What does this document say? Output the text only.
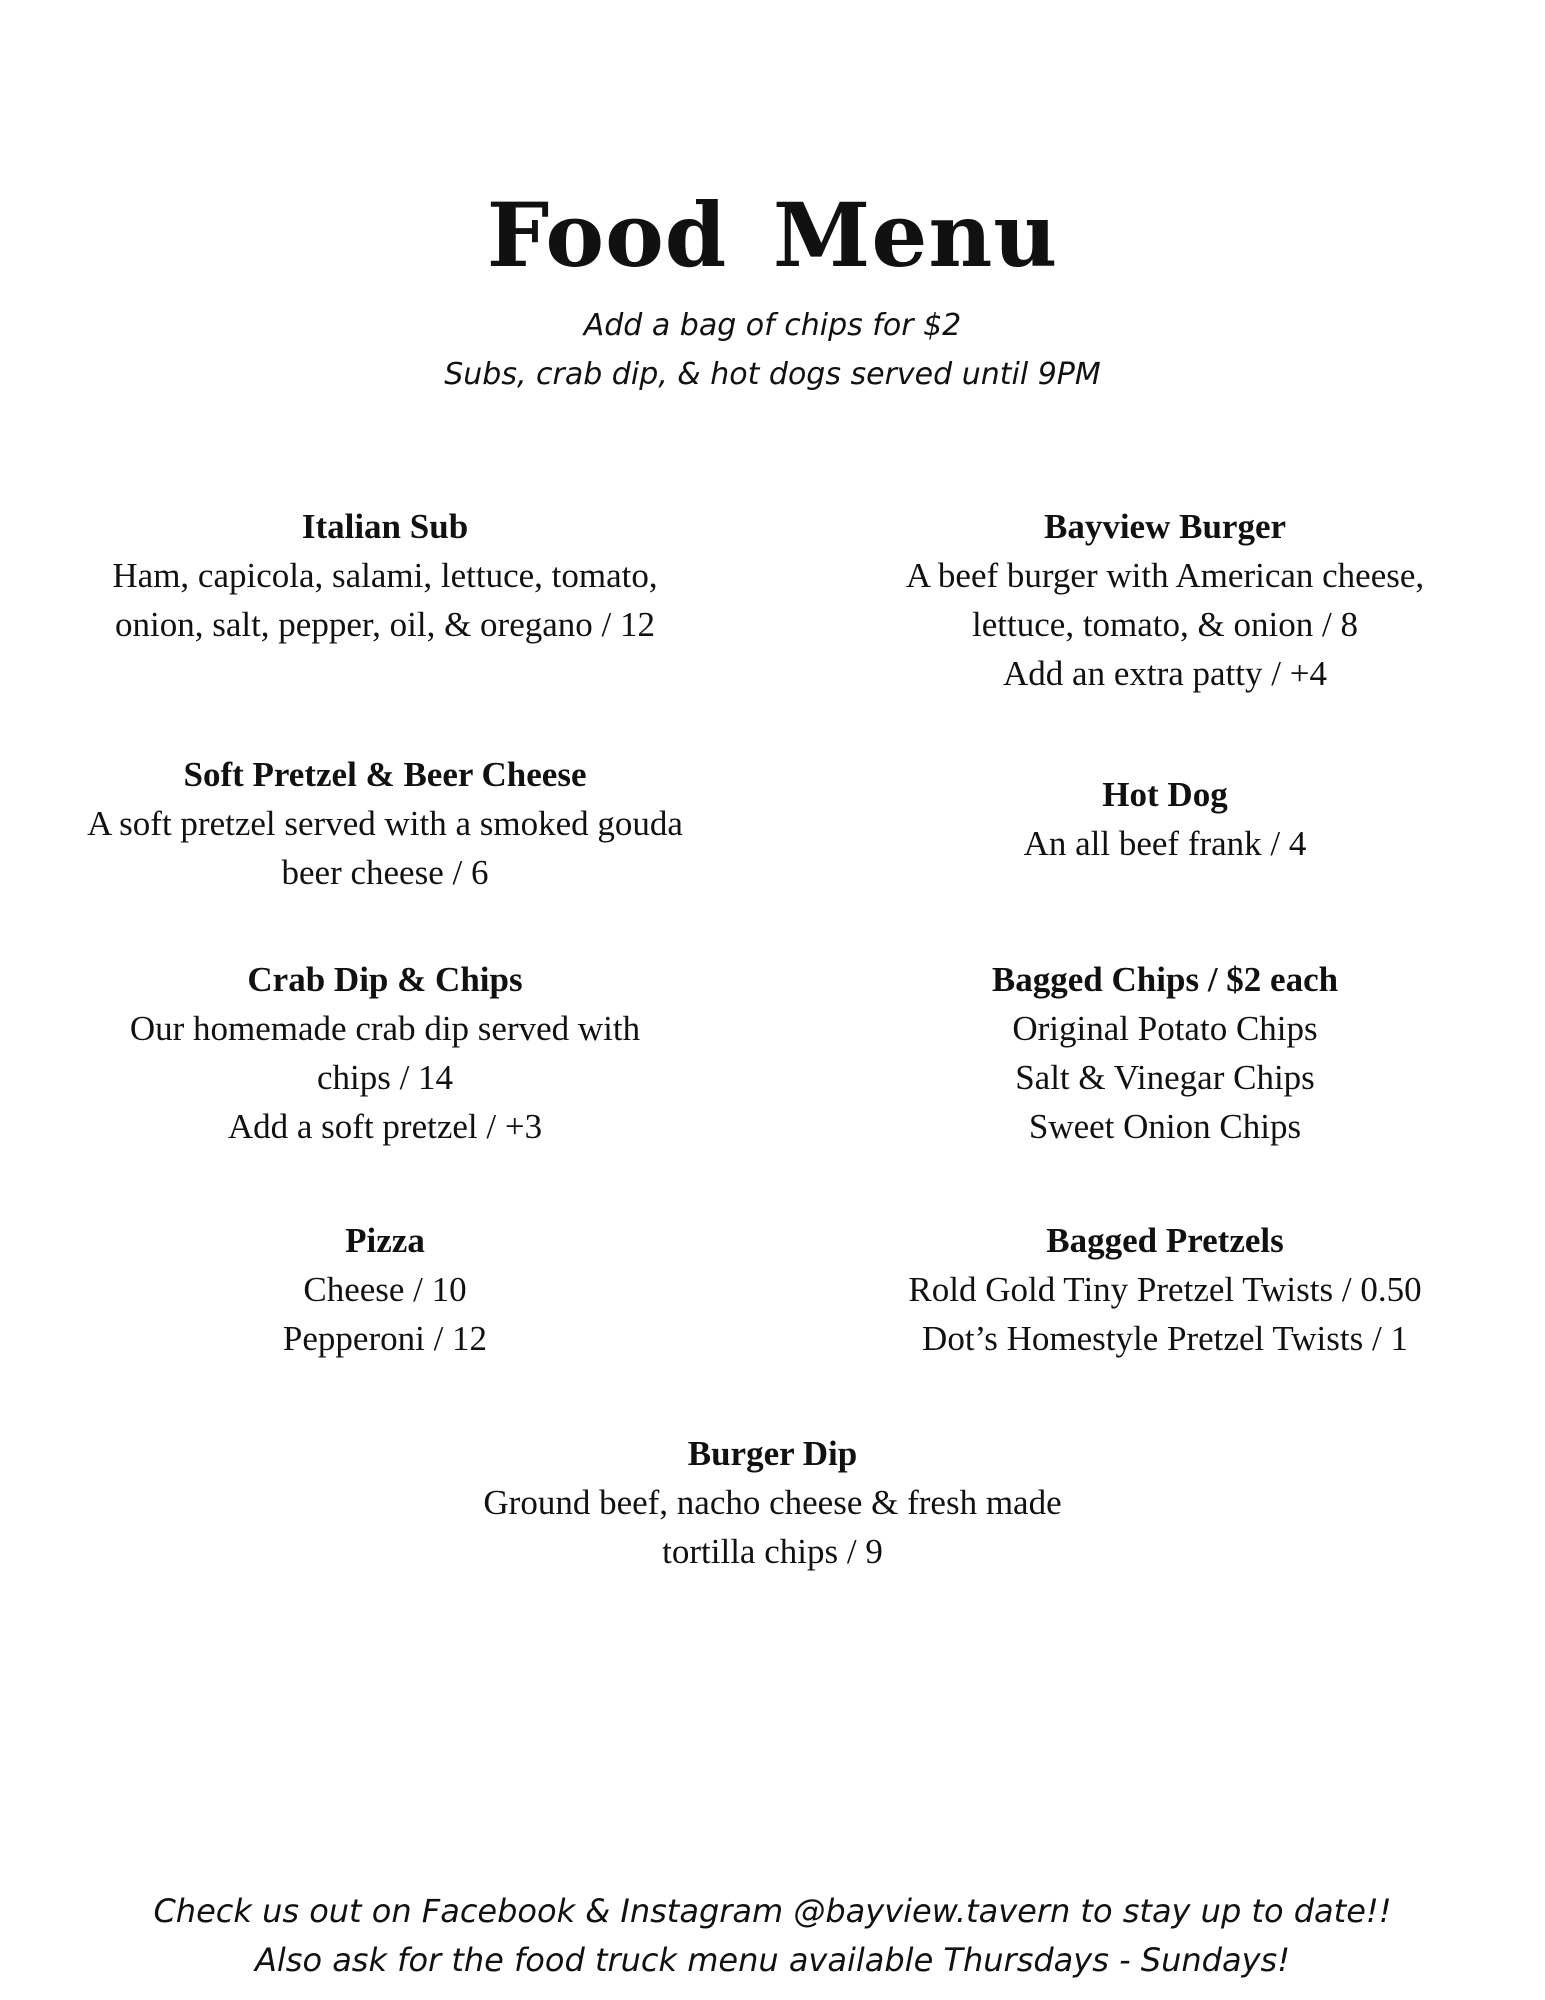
Food Menu
Add a bag of chips for $2
Subs, crab dip, & hot dogs served until 9PM
Italian Sub
Ham, capicola, salami, lettuce, tomato,
onion, salt, pepper, oil, & oregano / 12
Bayview Burger
A beef burger with American cheese,
lettuce, tomato, & onion / 8
Add an extra patty / +4
Soft Pretzel & Beer Cheese
A soft pretzel served with a smoked gouda
beer cheese / 6
Hot Dog
An all beef frank / 4
Crab Dip & Chips
Our homemade crab dip served with
chips / 14
Add a soft pretzel / +3
Bagged Chips / $2 each
Original Potato Chips
Salt & Vinegar Chips
Sweet Onion Chips
Pizza
Cheese / 10
Pepperoni / 12
Bagged Pretzels
Rold Gold Tiny Pretzel Twists / 0.50
Dot’s Homestyle Pretzel Twists / 1
Burger Dip
Ground beef, nacho cheese & fresh made
tortilla chips / 9
Check us out on Facebook & Instagram @bayview.tavern to stay up to date!!
Also ask for the food truck menu available Thursdays - Sundays!
